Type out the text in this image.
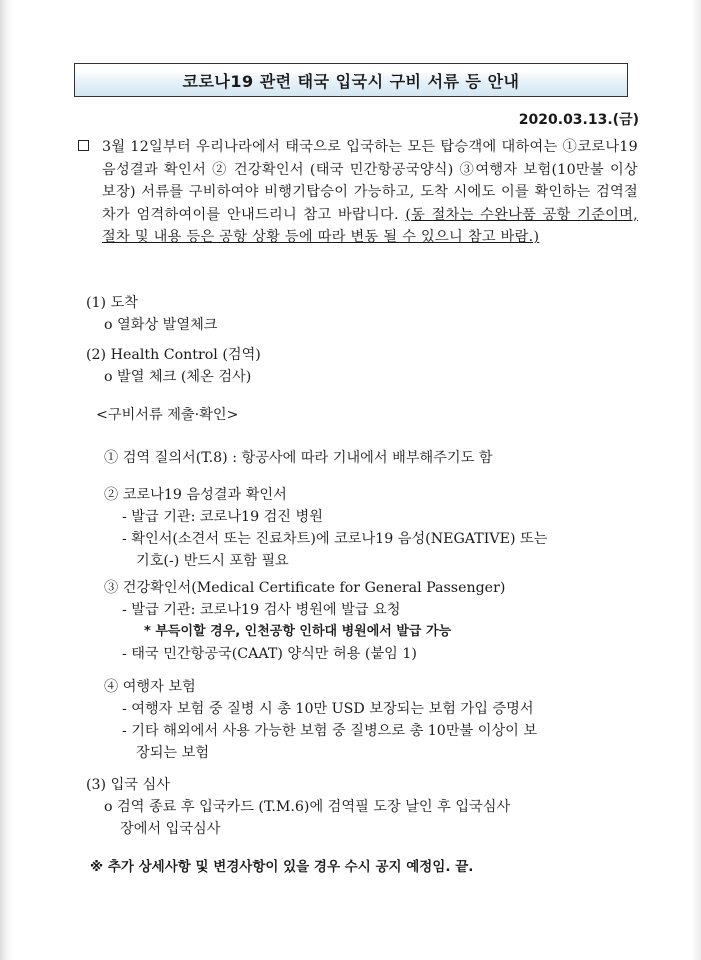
코로나19 관련 태국 입국시 구비 서류 등 안내
2020.03.13.(금)
3월 12일부터 우리나라에서 태국으로 입국하는 모든 탑승객에 대하여는 ①코로나19 음성결과 확인서 ② 건강확인서 (태국 민간항공국양식) ③여행자 보험(10만불 이상 보장) 서류를 구비하여야 비행기탑승이 가능하고, 도착 시에도 이를 확인하는 검역절차가 엄격하여이를 안내드리니 참고 바랍니다. (동 절차는 수완나품 공항 기준이며, 절차 및 내용 등은 공항 상황 등에 따라 변동 될 수 있으니 참고 바람.)
(1) 도착
o 열화상 발열체크
(2) Health Control (검역)
o 발열 체크 (체온 검사)
<구비서류 제출·확인>
① 검역 질의서(T.8) : 항공사에 따라 기내에서 배부해주기도 함
② 코로나19 음성결과 확인서
- 발급 기관: 코로나19 검진 병원
- 확인서(소견서 또는 진료차트)에 코로나19 음성(NEGATIVE) 또는
기호(-) 반드시 포함 필요
③ 건강확인서(Medical Certificate for General Passenger)
- 발급 기관: 코로나19 검사 병원에 발급 요청
* 부득이할 경우, 인천공항 인하대 병원에서 발급 가능
- 태국 민간항공국(CAAT) 양식만 허용 (붙임 1)
④ 여행자 보험
- 여행자 보험 중 질병 시 총 10만 USD 보장되는 보험 가입 증명서
- 기타 해외에서 사용 가능한 보험 중 질병으로 총 10만불 이상이 보
장되는 보험
(3) 입국 심사
o 검역 종료 후 입국카드 (T.M.6)에 검역필 도장 날인 후 입국심사
장에서 입국심사
※ 추가 상세사항 및 변경사항이 있을 경우 수시 공지 예정임. 끝.
